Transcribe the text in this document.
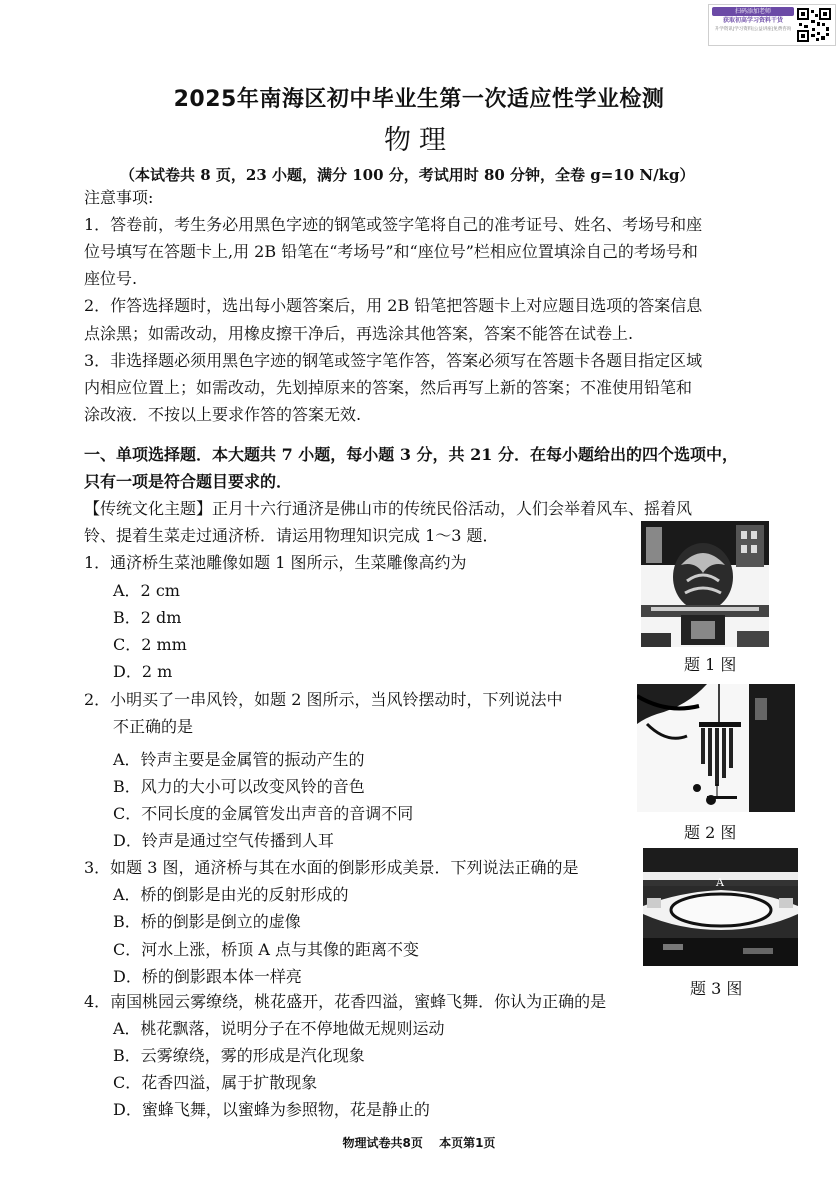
扫码添加老师
获取初高学习资料干货
升学资讯|学习资料|公益讲座|免费咨询
2025年南海区初中毕业生第一次适应性学业检测
物理
（本试卷共 8 页，23 小题，满分 100 分，考试用时 80 分钟，全卷 g=10 N/kg）
注意事项:
1．答卷前，考生务必用黑色字迹的钢笔或签字笔将自己的准考证号、姓名、考场号和座
位号填写在答题卡上,用 2B 铅笔在“考场号”和“座位号”栏相应位置填涂自己的考场号和
座位号.
2．作答选择题时，选出每小题答案后，用 2B 铅笔把答题卡上对应题目选项的答案信息
点涂黑；如需改动，用橡皮擦干净后，再选涂其他答案，答案不能答在试卷上.
3．非选择题必须用黑色字迹的钢笔或签字笔作答，答案必须写在答题卡各题目指定区域
内相应位置上；如需改动，先划掉原来的答案，然后再写上新的答案；不准使用铅笔和
涂改液．不按以上要求作答的答案无效.
一、单项选择题．本大题共 7 小题，每小题 3 分，共 21 分．在每小题给出的四个选项中，
只有一项是符合题目要求的．
【传统文化主题】正月十六行通济是佛山市的传统民俗活动，人们会举着风车、摇着风
铃、提着生菜走过通济桥．请运用物理知识完成 1～3 题．
1．通济桥生菜池雕像如题 1 图所示，生菜雕像高约为
A．2 cm
B．2 dm
C．2 mm
D．2 m	题 1 图
2．小明买了一串风铃，如题 2 图所示，当风铃摆动时，下列说法中
不正确的是
A．铃声主要是金属管的振动产生的
B．风力的大小可以改变风铃的音色
C．不同长度的金属管发出声音的音调不同
D．铃声是通过空气传播到人耳	题 2 图
3．如题 3 图，通济桥与其在水面的倒影形成美景．下列说法正确的是
A．桥的倒影是由光的反射形成的
B．桥的倒影是倒立的虚像
C．河水上涨，桥顶 A 点与其像的距离不变
D．桥的倒影跟本体一样亮
A
题 3 图
4．南国桃园云雾缭绕，桃花盛开，花香四溢，蜜蜂飞舞．你认为正确的是
A．桃花飘落，说明分子在不停地做无规则运动
B．云雾缭绕，雾的形成是汽化现象
C．花香四溢，属于扩散现象
D．蜜蜂飞舞，以蜜蜂为参照物，花是静止的
物理试卷共8页　 本页第1页
